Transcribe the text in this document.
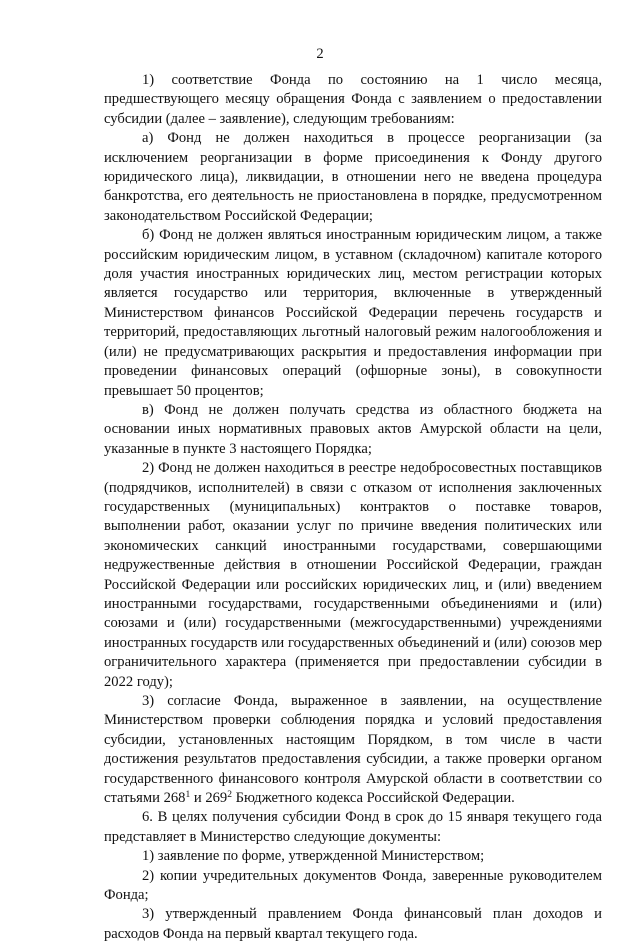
2

1) соответствие Фонда по состоянию на 1 число месяца, предшествующего месяцу обращения Фонда с заявлением о предоставлении субсидии (далее – заявление), следующим требованиям:

а) Фонд не должен находиться в процессе реорганизации (за исключением реорганизации в форме присоединения к Фонду другого юридического лица), ликвидации, в отношении него не введена процедура банкротства, его деятельность не приостановлена в порядке, предусмотренном законодательством Российской Федерации;

б) Фонд не должен являться иностранным юридическим лицом, а также российским юридическим лицом, в уставном (складочном) капитале которого доля участия иностранных юридических лиц, местом регистрации которых является государство или территория, включенные в утвержденный Министерством финансов Российской Федерации перечень государств и территорий, предоставляющих льготный налоговый режим налогообложения и (или) не предусматривающих раскрытия и предоставления информации при проведении финансовых операций (офшорные зоны), в совокупности превышает 50 процентов;

в) Фонд не должен получать средства из областного бюджета на основании иных нормативных правовых актов Амурской области на цели, указанные в пункте 3 настоящего Порядка;

2) Фонд не должен находиться в реестре недобросовестных поставщиков (подрядчиков, исполнителей) в связи с отказом от исполнения заключенных государственных (муниципальных) контрактов о поставке товаров, выполнении работ, оказании услуг по причине введения политических или экономических санкций иностранными государствами, совершающими недружественные действия в отношении Российской Федерации, граждан Российской Федерации или российских юридических лиц, и (или) введением иностранными государствами, государственными объединениями и (или) союзами и (или) государственными (межгосударственными) учреждениями иностранных государств или государственных объединений и (или) союзов мер ограничительного характера (применяется при предоставлении субсидии в 2022 году);

3) согласие Фонда, выраженное в заявлении, на осуществление Министерством проверки соблюдения порядка и условий предоставления субсидии, установленных настоящим Порядком, в том числе в части достижения результатов предоставления субсидии, а также проверки органом государственного финансового контроля Амурской области в соответствии со статьями $268^1$ и $269^2$ Бюджетного кодекса Российской Федерации.

6. В целях получения субсидии Фонд в срок до 15 января текущего года представляет в Министерство следующие документы:

1) заявление по форме, утвержденной Министерством;

2) копии учредительных документов Фонда, заверенные руководителем Фонда;

3) утвержденный правлением Фонда финансовый план доходов и расходов Фонда на первый квартал текущего года.
